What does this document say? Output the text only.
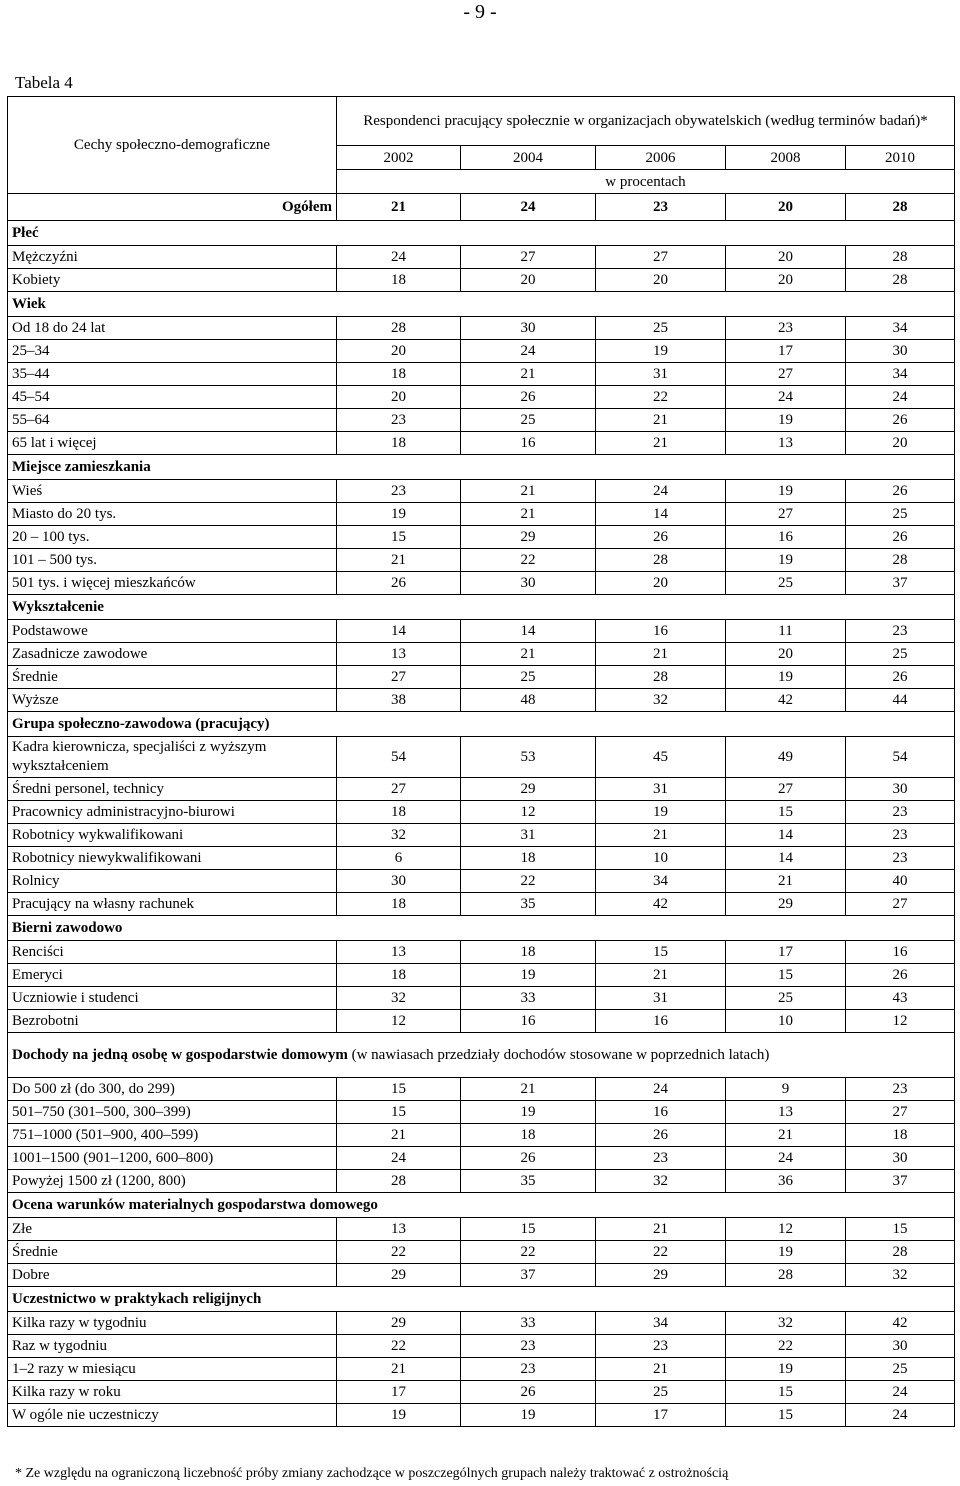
- 9 -
Tabela 4
Cechy społeczno-demograficzne	Respondenci pracujący społecznie w organizacjach obywatelskich (według terminów badań)*				
	2002	2004	2006	2008	2010
	w procentach				
Ogółem	21	24	23	20	28
Płeć					
Mężczyźni	24	27	27	20	28
Kobiety	18	20	20	20	28
Wiek					
Od 18 do 24 lat	28	30	25	23	34
25–34	20	24	19	17	30
35–44	18	21	31	27	34
45–54	20	26	22	24	24
55–64	23	25	21	19	26
65 lat i więcej	18	16	21	13	20
Miejsce zamieszkania					
Wieś	23	21	24	19	26
Miasto do 20 tys.	19	21	14	27	25
20 – 100 tys.	15	29	26	16	26
101 – 500 tys.	21	22	28	19	28
501 tys. i więcej mieszkańców	26	30	20	25	37
Wykształcenie					
Podstawowe	14	14	16	11	23
Zasadnicze zawodowe	13	21	21	20	25
Średnie	27	25	28	19	26
Wyższe	38	48	32	42	44
Grupa społeczno-zawodowa (pracujący)					
Kadra kierownicza, specjaliści z wyższym wykształceniem	54	53	45	49	54
Średni personel, technicy	27	29	31	27	30
Pracownicy administracyjno-biurowi	18	12	19	15	23
Robotnicy wykwalifikowani	32	31	21	14	23
Robotnicy niewykwalifikowani	6	18	10	14	23
Rolnicy	30	22	34	21	40
Pracujący na własny rachunek	18	35	42	29	27
Bierni zawodowo					
Renciści	13	18	15	17	16
Emeryci	18	19	21	15	26
Uczniowie i studenci	32	33	31	25	43
Bezrobotni	12	16	16	10	12
Dochody na jedną osobę w gospodarstwie domowym (w nawiasach przedziały dochodów stosowane w poprzednich latach)					
Do 500 zł (do 300, do 299)	15	21	24	9	23
501–750 (301–500, 300–399)	15	19	16	13	27
751–1000 (501–900, 400–599)	21	18	26	21	18
1001–1500 (901–1200, 600–800)	24	26	23	24	30
Powyżej 1500 zł (1200, 800)	28	35	32	36	37
Ocena warunków materialnych gospodarstwa domowego					
Złe	13	15	21	12	15
Średnie	22	22	22	19	28
Dobre	29	37	29	28	32
Uczestnictwo w praktykach religijnych					
Kilka razy w tygodniu	29	33	34	32	42
Raz w tygodniu	22	23	23	22	30
1–2 razy w miesiącu	21	23	21	19	25
Kilka razy w roku	17	26	25	15	24
W ogóle nie uczestniczy	19	19	17	15	24
* Ze względu na ograniczoną liczebność próby zmiany zachodzące w poszczególnych grupach należy traktować z ostrożnością
